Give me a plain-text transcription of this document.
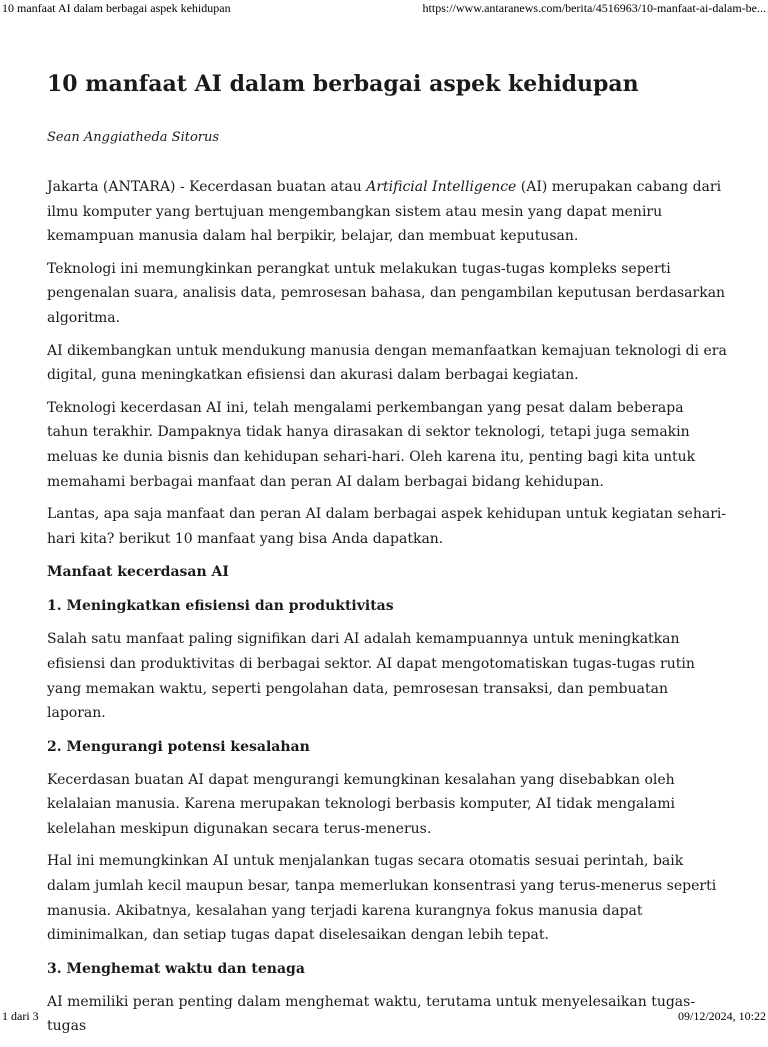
10 manfaat AI dalam berbagai aspek kehidupan	https://www.antaranews.com/berita/4516963/10-manfaat-ai-dalam-be...
10 manfaat AI dalam berbagai aspek kehidupan

Sean Anggiatheda Sitorus

Jakarta (ANTARA) - Kecerdasan buatan atau Artificial Intelligence (AI) merupakan cabang dari ilmu komputer yang bertujuan mengembangkan sistem atau mesin yang dapat meniru kemampuan manusia dalam hal berpikir, belajar, dan membuat keputusan.

Teknologi ini memungkinkan perangkat untuk melakukan tugas-tugas kompleks seperti pengenalan suara, analisis data, pemrosesan bahasa, dan pengambilan keputusan berdasarkan algoritma.

AI dikembangkan untuk mendukung manusia dengan memanfaatkan kemajuan teknologi di era digital, guna meningkatkan efisiensi dan akurasi dalam berbagai kegiatan.

Teknologi kecerdasan AI ini, telah mengalami perkembangan yang pesat dalam beberapa tahun terakhir. Dampaknya tidak hanya dirasakan di sektor teknologi, tetapi juga semakin meluas ke dunia bisnis dan kehidupan sehari-hari. Oleh karena itu, penting bagi kita untuk memahami berbagai manfaat dan peran AI dalam berbagai bidang kehidupan.

Lantas, apa saja manfaat dan peran AI dalam berbagai aspek kehidupan untuk kegiatan sehari-hari kita? berikut 10 manfaat yang bisa Anda dapatkan.

Manfaat kecerdasan AI
1. Meningkatkan efisiensi dan produktivitas

Salah satu manfaat paling signifikan dari AI adalah kemampuannya untuk meningkatkan efisiensi dan produktivitas di berbagai sektor. AI dapat mengotomatiskan tugas-tugas rutin yang memakan waktu, seperti pengolahan data, pemrosesan transaksi, dan pembuatan laporan.

2. Mengurangi potensi kesalahan

Kecerdasan buatan AI dapat mengurangi kemungkinan kesalahan yang disebabkan oleh kelalaian manusia. Karena merupakan teknologi berbasis komputer, AI tidak mengalami kelelahan meskipun digunakan secara terus-menerus.

Hal ini memungkinkan AI untuk menjalankan tugas secara otomatis sesuai perintah, baik dalam jumlah kecil maupun besar, tanpa memerlukan konsentrasi yang terus-menerus seperti manusia. Akibatnya, kesalahan yang terjadi karena kurangnya fokus manusia dapat diminimalkan, dan setiap tugas dapat diselesaikan dengan lebih tepat.

3. Menghemat waktu dan tenaga

AI memiliki peran penting dalam menghemat waktu, terutama untuk menyelesaikan tugas-tugas

1 dari 3	09/12/2024, 10:22
